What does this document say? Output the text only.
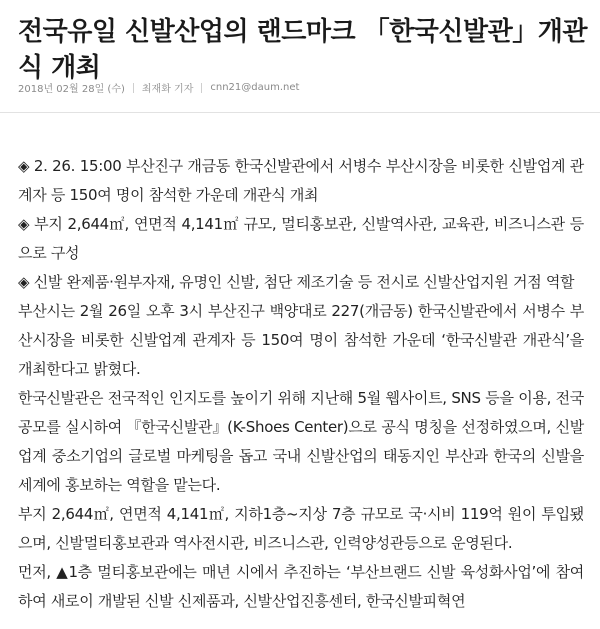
전국유일 신발산업의 랜드마크 「한국신발관」개관식 개최
2018년 02월 28일 (수) 최재화 기자 cnn21@daum.net

◈ 2. 26. 15:00 부산진구 개금동 한국신발관에서 서병수 부산시장을 비롯한 신발업계 관계자 등 150여 명이 참석한 가운데 개관식 개최

◈ 부지 2,644㎡, 연면적 4,141㎡ 규모, 멀티홍보관, 신발역사관, 교육관, 비즈니스관 등으로 구성

◈ 신발 완제품·원부자재, 유명인 신발, 첨단 제조기술 등 전시로 신발산업지원 거점 역할

부산시는 2월 26일 오후 3시 부산진구 백양대로 227(개금동) 한국신발관에서 서병수 부산시장을 비롯한 신발업계 관계자 등 150여 명이 참석한 가운데 ‘한국신발관 개관식’을 개최한다고 밝혔다.

한국신발관은 전국적인 인지도를 높이기 위해 지난해 5월 웹사이트, SNS 등을 이용, 전국공모를 실시하여 『한국신발관』(K-Shoes Center)으로 공식 명칭을 선정하였으며, 신발업계 중소기업의 글로벌 마케팅을 돕고 국내 신발산업의 태동지인 부산과 한국의 신발을 세계에 홍보하는 역할을 맡는다.

부지 2,644㎡, 연면적 4,141㎡, 지하1층~지상 7층 규모로 국·시비 119억 원이 투입됐으며, 신발멀티홍보관과 역사전시관, 비즈니스관, 인력양성관등으로 운영된다.

먼저, ▲1층 멀티홍보관에는 매년 시에서 추진하는 ‘부산브랜드 신발 육성화사업’에 참여하여 새로이 개발된 신발 신제품과, 신발산업진흥센터, 한국신발피혁연
